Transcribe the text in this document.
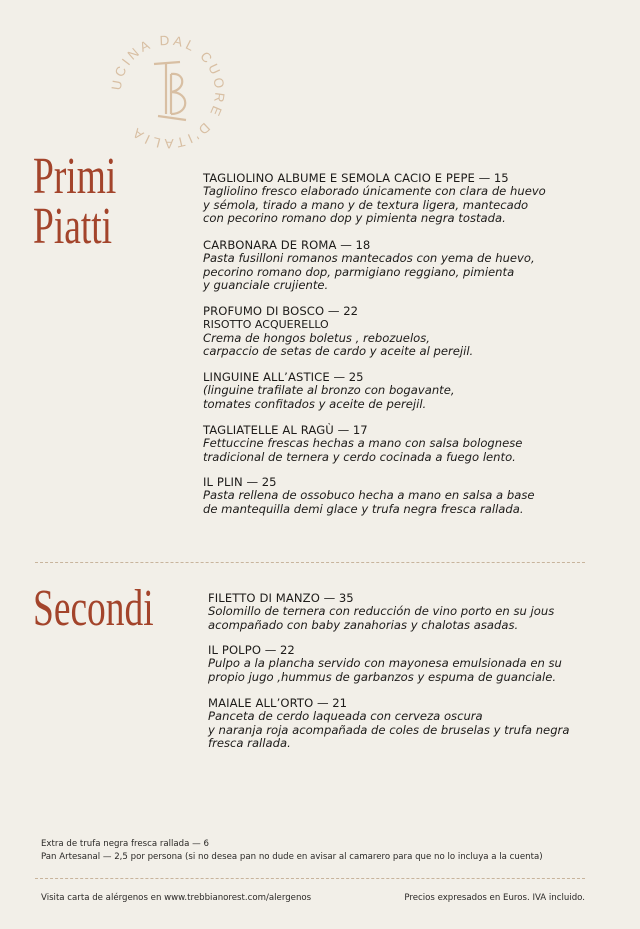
UCINA DAL CUORE D'ITALIA
Primi
Piatti
TAGLIOLINO ALBUME E SEMOLA CACIO E PEPE — 15
Tagliolino fresco elaborado únicamente con clara de huevo
y sémola, tirado a mano y de textura ligera, mantecado
con pecorino romano dop y pimienta negra tostada.
CARBONARA DE ROMA — 18
Pasta fusilloni romanos mantecados con yema de huevo,
pecorino romano dop, parmigiano reggiano, pimienta
y guanciale crujiente.
PROFUMO DI BOSCO — 22
RISOTTO ACQUERELLO
Crema de hongos boletus , rebozuelos,
carpaccio de setas de cardo y aceite al perejil.
LINGUINE ALL’ASTICE — 25
(linguine trafilate al bronzo con bogavante,
tomates confitados y aceite de perejil.
TAGLIATELLE AL RAGÙ — 17
Fettuccine frescas hechas a mano con salsa bolognese
tradicional de ternera y cerdo cocinada a fuego lento.
IL PLIN — 25
Pasta rellena de ossobuco hecha a mano en salsa a base
de mantequilla demi glace y trufa negra fresca rallada.
Secondi	FILETTO DI MANZO — 35
Solomillo de ternera con reducción de vino porto en su jous
acompañado con baby zanahorias y chalotas asadas.
IL POLPO — 22
Pulpo a la plancha servido con mayonesa emulsionada en su
propio jugo ,hummus de garbanzos y espuma de guanciale.
MAIALE ALL’ORTO — 21
Panceta de cerdo laqueada con cerveza oscura
y naranja roja acompañada de coles de bruselas y trufa negra
fresca rallada.
Extra de trufa negra fresca rallada — 6
Pan Artesanal — 2,5 por persona (si no desea pan no dude en avisar al camarero para que no lo incluya a la cuenta)
Visita carta de alérgenos en www.trebbianorest.com/alergenos	Precios expresados en Euros. IVA incluido.
